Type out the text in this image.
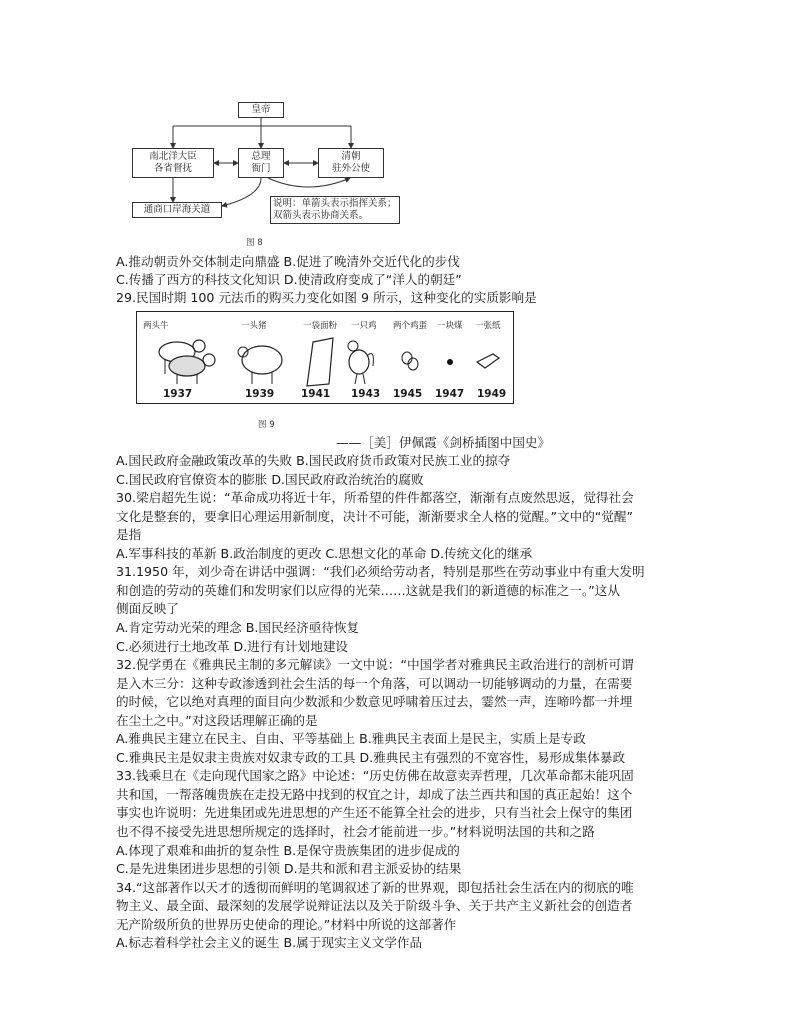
皇帝
南北洋大臣
各省督抚
总理
衙门
清朝
驻外公使
通商口岸海关道
说明：单箭头表示指挥关系；
双箭头表示协商关系。
图 8
A.推动朝贡外交体制走向鼎盛 B.促进了晚清外交近代化的步伐
C.传播了西方的科技文化知识 D.使清政府变成了“洋人的朝廷”
29.民国时期 100 元法币的购买力变化如图 9 所示，这种变化的实质影响是
两头牛	一头猪	一袋面粉 一只鸡 两个鸡蛋 一块煤 一张纸
1937	1939	1941 1943 1945 1947 1949
图 9
——［美］伊佩霞《剑桥插图中国史》
A.国民政府金融政策改革的失败 B.国民政府货币政策对民族工业的掠夺
C.国民政府官僚资本的膨胀 D.国民政府政治统治的腐败
30.梁启超先生说：“革命成功将近十年，所希望的件件都落空，渐渐有点废然思返，觉得社会
文化是整套的，要拿旧心理运用新制度，决计不可能，渐渐要求全人格的觉醒。”文中的“觉醒”
是指
A.军事科技的革新 B.政治制度的更改 C.思想文化的革命 D.传统文化的继承
31.1950 年，刘少奇在讲话中强调：“我们必须给劳动者，特别是那些在劳动事业中有重大发明
和创造的劳动的英雄们和发明家们以应得的光荣……这就是我们的新道德的标准之一。”这从
侧面反映了
A.肯定劳动光荣的理念 B.国民经济亟待恢复
C.必须进行土地改革 D.进行有计划地建设
32.倪学勇在《雅典民主制的多元解读》一文中说：“中国学者对雅典民主政治进行的剖析可谓
是入木三分：这种专政渗透到社会生活的每一个角落，可以调动一切能够调动的力量，在需要
的时候，它以绝对真理的面目向少数派和少数意见呼啸着压过去，霎然一声，连啼吟都一并埋
在尘土之中。”对这段话理解正确的是
A.雅典民主建立在民主、自由、平等基础上 B.雅典民主表面上是民主，实质上是专政
C.雅典民主是奴隶主贵族对奴隶专政的工具 D.雅典民主有强烈的不宽容性，易形成集体暴政
33.钱乘旦在《走向现代国家之路》中论述：“历史仿佛在故意卖弄哲理，几次革命都未能巩固
共和国，一帮落魄贵族在走投无路中找到的权宜之计，却成了法兰西共和国的真正起始！这个
事实也许说明：先进集团或先进思想的产生还不能算全社会的进步，只有当社会上保守的集团
也不得不接受先进思想所规定的选择时，社会才能前进一步。”材料说明法国的共和之路
A.体现了艰难和曲折的复杂性 B.是保守贵族集团的进步促成的
C.是先进集团进步思想的引领 D.是共和派和君主派妥协的结果
34.“这部著作以天才的透彻而鲜明的笔调叙述了新的世界观，即包括社会生活在内的彻底的唯
物主义、最全面、最深刻的发展学说辩证法以及关于阶级斗争、关于共产主义新社会的创造者
无产阶级所负的世界历史使命的理论。”材料中所说的这部著作
A.标志着科学社会主义的诞生 B.属于现实主义文学作品
